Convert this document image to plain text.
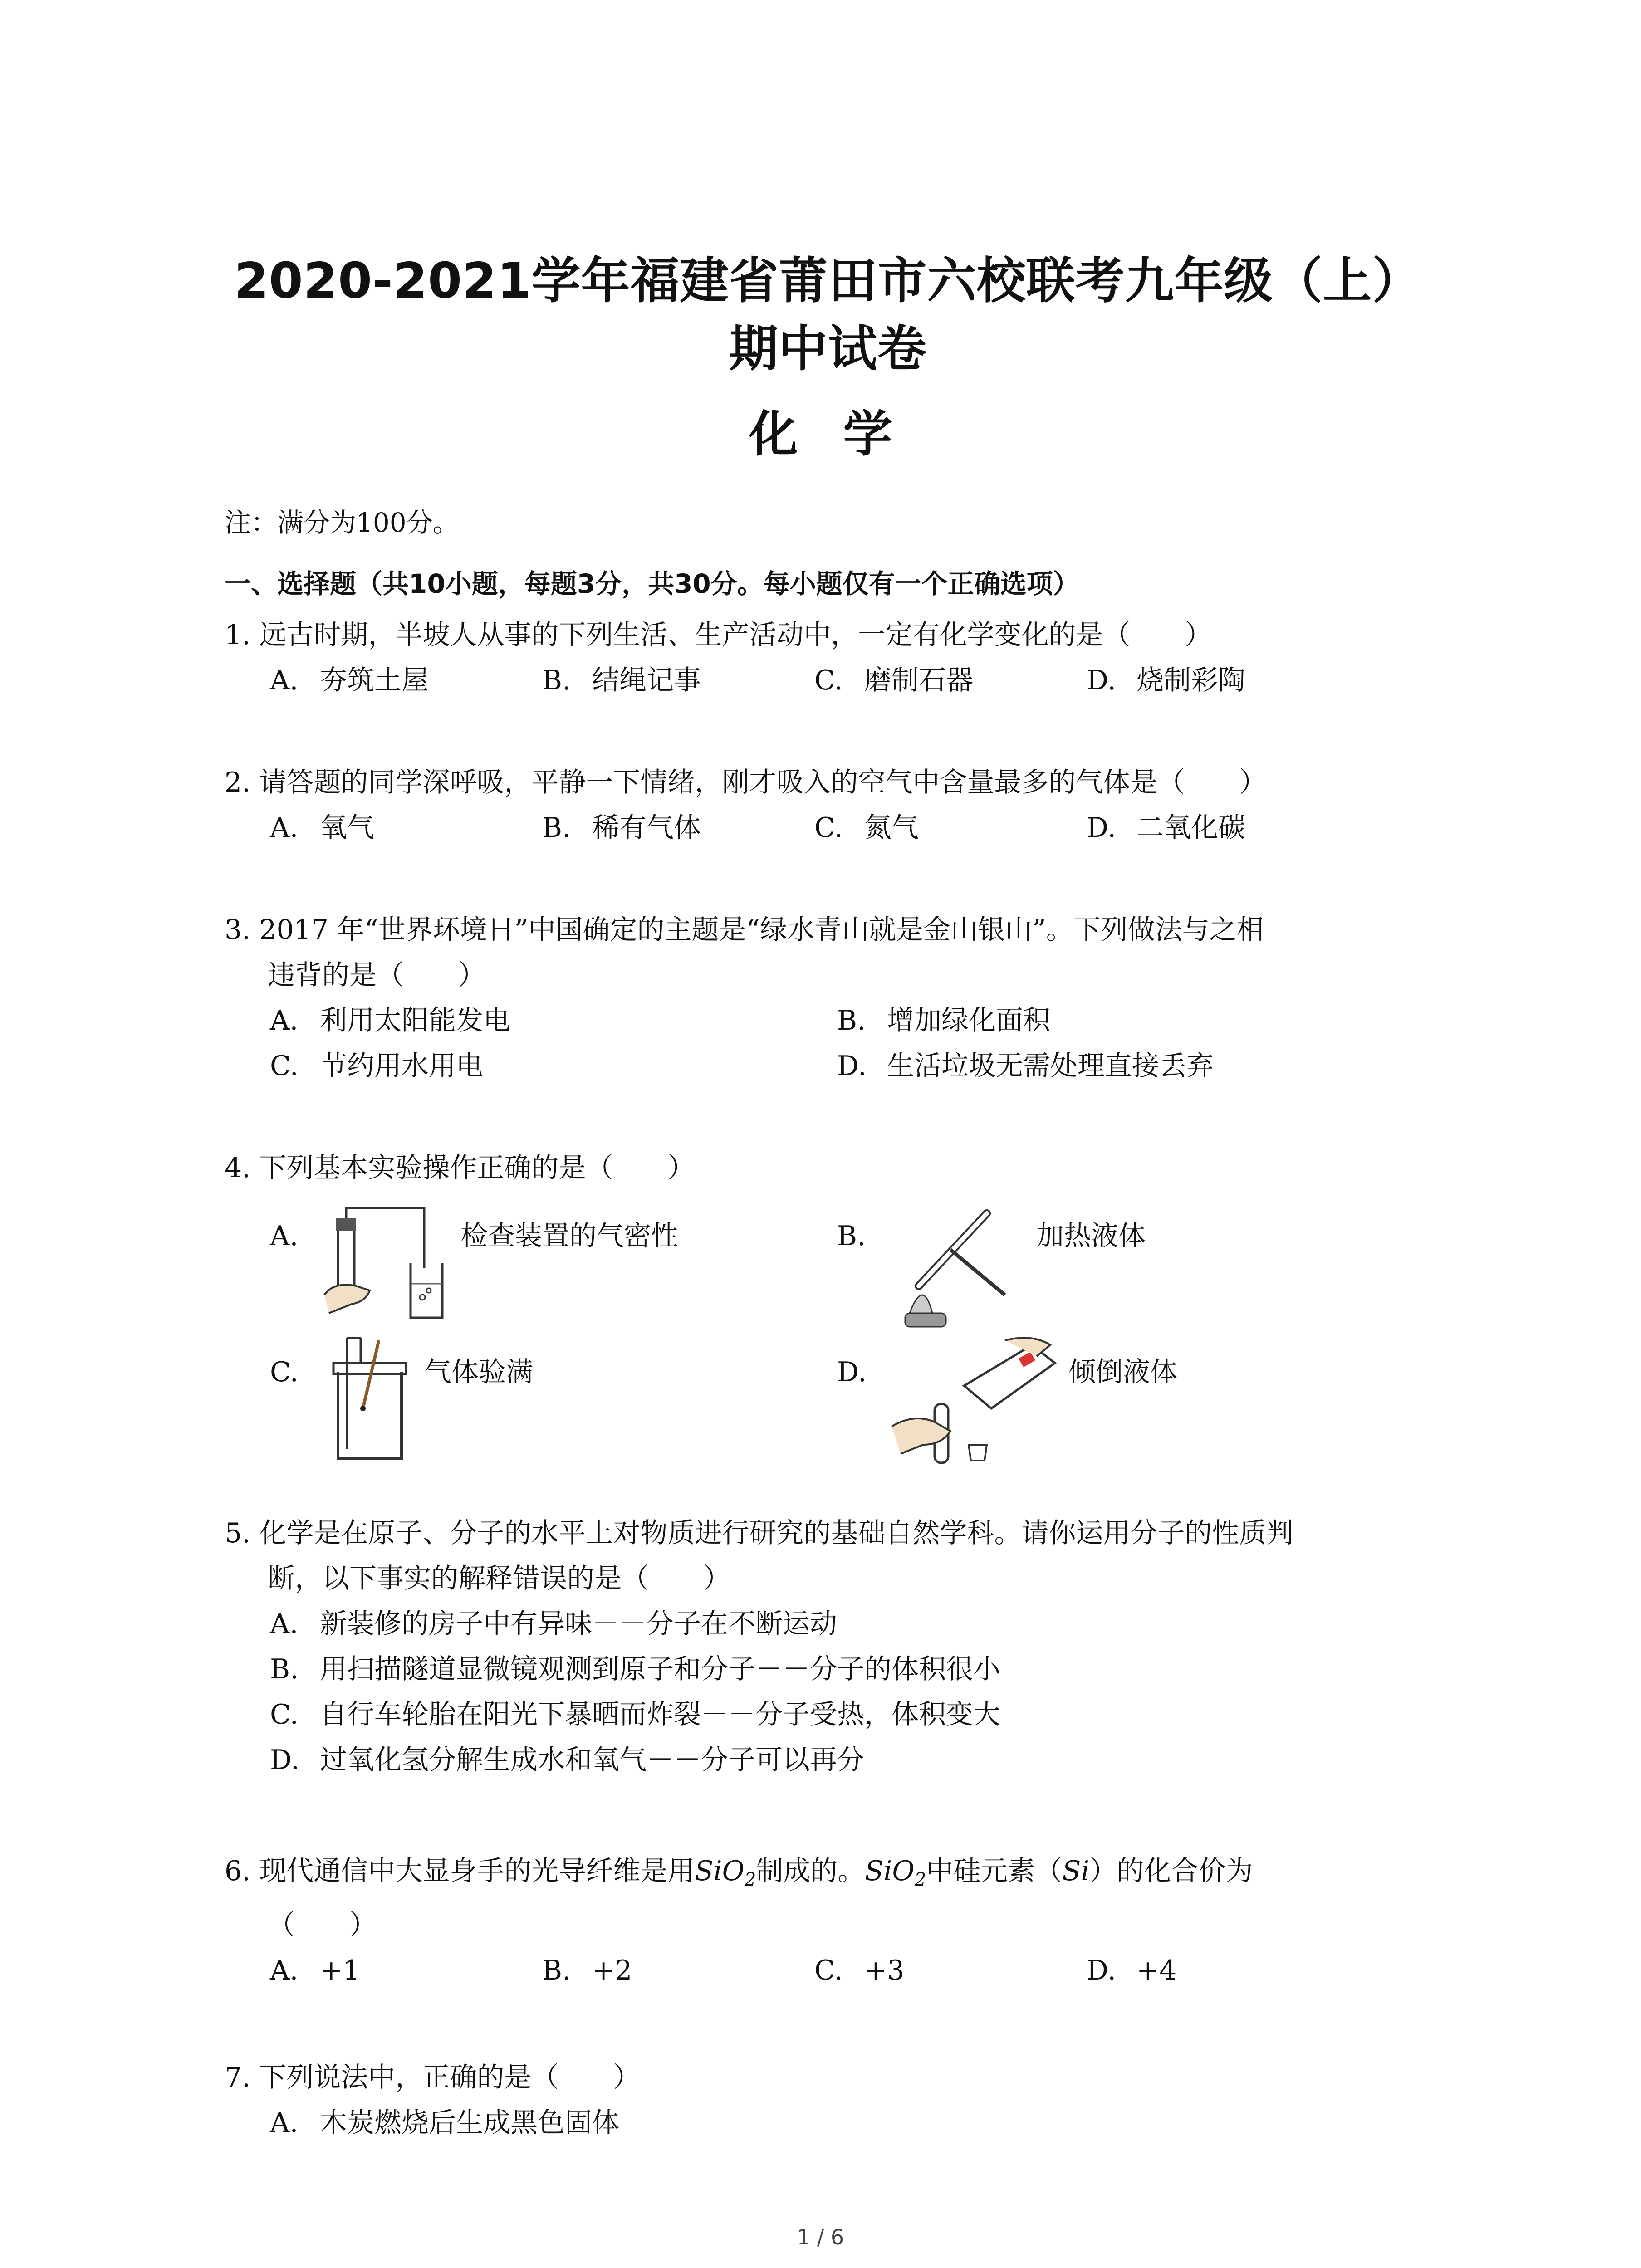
2020-2021学年福建省莆田市六校联考九年级（上）期中试卷
化学
注：满分为100分。
一、选择题（共10小题，每题3分，共30分。每小题仅有一个正确选项）
1. 远古时期，半坡人从事的下列生活、生产活动中，一定有化学变化的是（　　）
A. 夯筑土屋	B. 结绳记事	C. 磨制石器	D. 烧制彩陶
2. 请答题的同学深呼吸，平静一下情绪，刚才吸入的空气中含量最多的气体是（　　）
A. 氧气	B. 稀有气体	C. 氮气	D. 二氧化碳
3. 2017 年“世界环境日”中国确定的主题是“绿水青山就是金山银山”。下列做法与之相
违背的是（　　）
A. 利用太阳能发电	B. 增加绿化面积
C. 节约用水用电	D. 生活垃圾无需处理直接丢弃
4. 下列基本实验操作正确的是（　　）
A.	检查装置的气密性	B.	加热液体
C.	气体验满	D.	倾倒液体
5. 化学是在原子、分子的水平上对物质进行研究的基础自然学科。请你运用分子的性质判
断，以下事实的解释错误的是（　　）
A. 新装修的房子中有异味－－分子在不断运动
B. 用扫描隧道显微镜观测到原子和分子－－分子的体积很小
C. 自行车轮胎在阳光下暴晒而炸裂－－分子受热，体积变大
D. 过氧化氢分解生成水和氧气－－分子可以再分
6. 现代通信中大显身手的光导纤维是用SiO$_2$制成的。SiO$_2$中硅元素（Si）的化合价为
（　　）
A. +1	B. +2	C. +3	D. +4
7. 下列说法中，正确的是（　　）
A. 木炭燃烧后生成黑色固体
1 / 6
